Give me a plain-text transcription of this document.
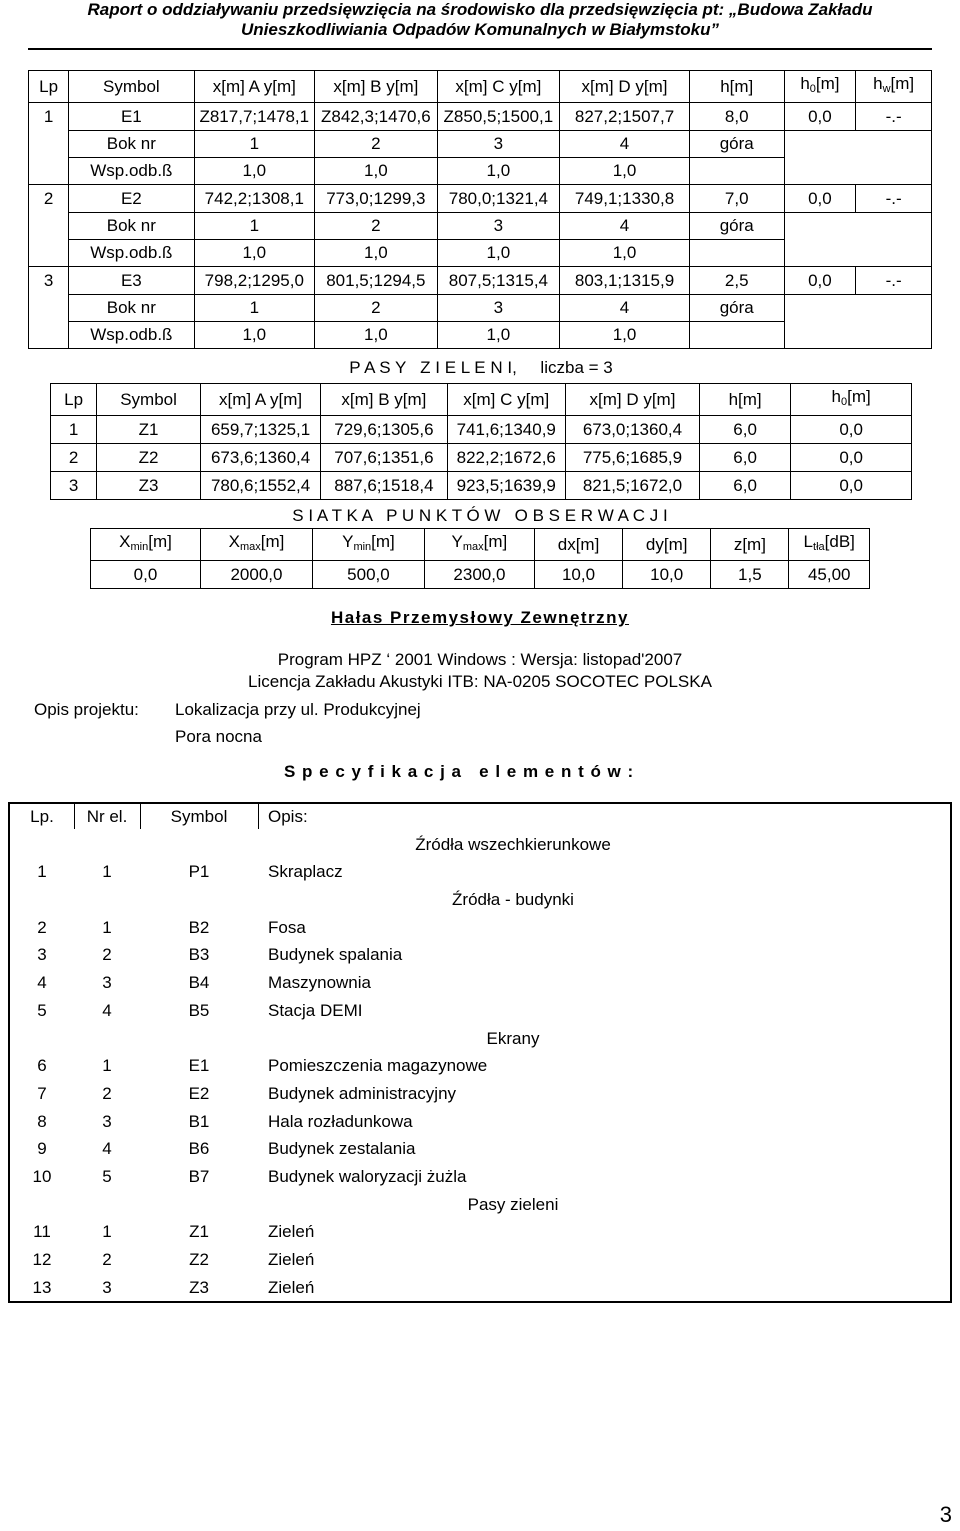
Raport o oddziaływaniu przedsięwzięcia na środowisko dla przedsięwzięcia pt: „Budowa Zakładu
Unieszkodliwiania Odpadów Komunalnych w Białymstoku”
Lp	Symbol	x[m] A y[m]	x[m] B y[m]	x[m] C y[m]	x[m] D y[m]	h[m]	$h_0[m]$	$h_w[m]$
1	E1	Z817,7;1478,1	Z842,3;1470,6	Z850,5;1500,1	827,2;1507,7	8,0	0,0	-.-
	Bok nr	1	2	3	4	góra		
	Wsp.odb.ß	1,0	1,0	1,0	1,0			
2	E2	742,2;1308,1	773,0;1299,3	780,0;1321,4	749,1;1330,8	7,0	0,0	-.-
	Bok nr	1	2	3	4	góra		
	Wsp.odb.ß	1,0	1,0	1,0	1,0			
3	E3	798,2;1295,0	801,5;1294,5	807,5;1315,4	803,1;1315,9	2,5	0,0	-.-
	Bok nr	1	2	3	4	góra		
	Wsp.odb.ß	1,0	1,0	1,0	1,0			
P A S Y   Z I E L E N I,     liczba = 3
Lp	Symbol	x[m] A y[m]	x[m] B y[m]	x[m] C y[m]	x[m] D y[m]	h[m]	$h_0[m]$
1	Z1	659,7;1325,1	729,6;1305,6	741,6;1340,9	673,0;1360,4	6,0	0,0
2	Z2	673,6;1360,4	707,6;1351,6	822,2;1672,6	775,6;1685,9	6,0	0,0
3	Z3	780,6;1552,4	887,6;1518,4	923,5;1639,9	821,5;1672,0	6,0	0,0
S I A T K A   P U N K T Ó W   O B S E R W A C J I
$X_{min}[m]$	$X_{max}[m]$	$Y_{min}[m]$	$Y_{max}[m]$	dx[m]	dy[m]	z[m]	$L_{tła}[dB]$
0,0	2000,0	500,0	2300,0	10,0	10,0	1,5	45,00
Hałas Przemysłowy Zewnętrzny
Program HPZ ‘ 2001 Windows : Wersja: listopad'2007
Licencja Zakładu Akustyki ITB: NA-0205 SOCOTEC POLSKA
Opis projektu: Lokalizacja przy ul. Produkcyjnej
Pora nocna
S p e c y f i k a c j a   e l e m e n t ó w :
Lp.	Nr el.	Symbol	Opis:
Źródła wszechkierunkowe
1	1	P1	Skraplacz
Źródła - budynki
2	1	B2	Fosa
3	2	B3	Budynek spalania
4	3	B4	Maszynownia
5	4	B5	Stacja DEMI
Ekrany
6	1	E1	Pomieszczenia magazynowe
7	2	E2	Budynek administracyjny
8	3	B1	Hala rozładunkowa
9	4	B6	Budynek zestalania
10	5	B7	Budynek waloryzacji żużla
Pasy zieleni
11	1	Z1	Zieleń
12	2	Z2	Zieleń
13	3	Z3	Zieleń
3
